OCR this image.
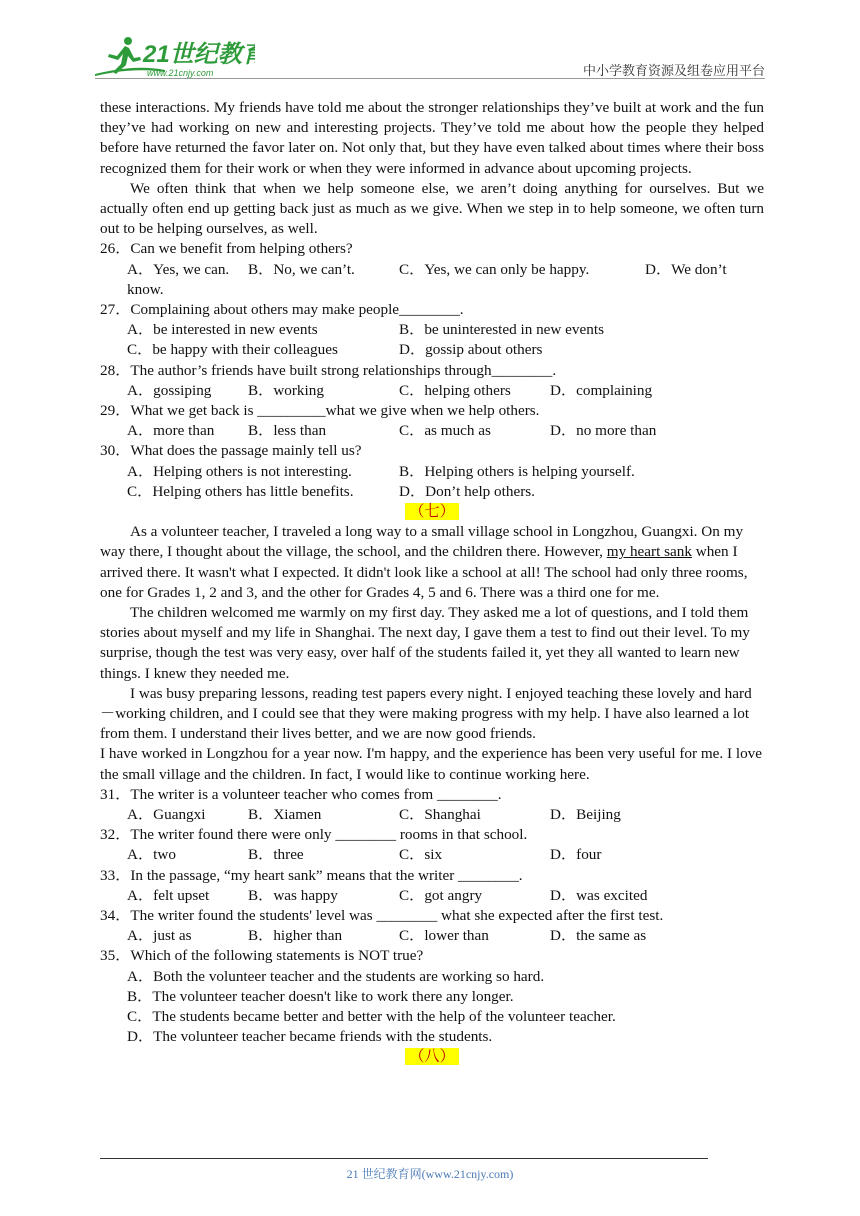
21世纪教育
www.21cnjy.com	中小学教育资源及组卷应用平台

these interactions. My friends have told me about the stronger relationships they’ve built at work and the fun they’ve had working on new and interesting projects. They’ve told me about how the people they helped before have returned the favor later on. Not only that, but they have even talked about times where their boss recognized them for their work or when they were informed in advance about upcoming projects.

We often think that when we help someone else, we aren’t doing anything for ourselves. But we actually often end up getting back just as much as we give. When we step in to help someone, we often turn out to be helping ourselves, as well.

26．Can we benefit from helping others?

A．Yes, we can. B．No, we can’t.	C．Yes, we can only be happy.	D．We don’t

know.

27．Complaining about others may make people________.

A．be interested in new events	B．be uninterested in new events
C．be happy with their colleagues	D．gossip about others

28．The author’s friends have built strong relationships through________.

A．gossiping B．working	C．helping others	D．complaining

29．What we get back is _________what we give when we help others.

A．more than B．less than	C．as much as	D．no more than

30．What does the passage mainly tell us?

A．Helping others is not interesting.	B．Helping others is helping yourself.
C．Helping others has little benefits.	D．Don’t help others.

（七）

As a volunteer teacher, I traveled a long way to a small village school in Longzhou, Guangxi. On my way there, I thought about the village, the school, and the children there. However, my heart sank when I arrived there. It wasn't what I expected. It didn't look like a school at all! The school had only three rooms, one for Grades 1, 2 and 3, and the other for Grades 4, 5 and 6. There was a third one for me.

The children welcomed me warmly on my first day. They asked me a lot of questions, and I told them stories about myself and my life in Shanghai. The next day, I gave them a test to find out their level. To my surprise, though the test was very easy, over half of the students failed it, yet they all wanted to learn new things. I knew they needed me.

I was busy preparing lessons, reading test papers every night. I enjoyed teaching these lovely and hard－working children, and I could see that they were making progress with my help. I have also learned a lot from them. I understand their lives better, and we are now good friends.

I have worked in Longzhou for a year now. I'm happy, and the experience has been very useful for me. I love the small village and the children. In fact, I would like to continue working here.

31．The writer is a volunteer teacher who comes from ________.

A．Guangxi	B．Xiamen	C．Shanghai	D．Beijing

32．The writer found there were only ________ rooms in that school.

A．two	B．three	C．six	D．four

33．In the passage, “my heart sank” means that the writer ________.

A．felt upset	B．was happy	C．got angry	D．was excited

34．The writer found the students' level was ________ what she expected after the first test.

A．just as	B．higher than	C．lower than	D．the same as

35．Which of the following statements is NOT true?

A．Both the volunteer teacher and the students are working so hard.

B．The volunteer teacher doesn't like to work there any longer.

C．The students became better and better with the help of the volunteer teacher.

D．The volunteer teacher became friends with the students.

（八）

21 世纪教育网(www.21cnjy.com)
